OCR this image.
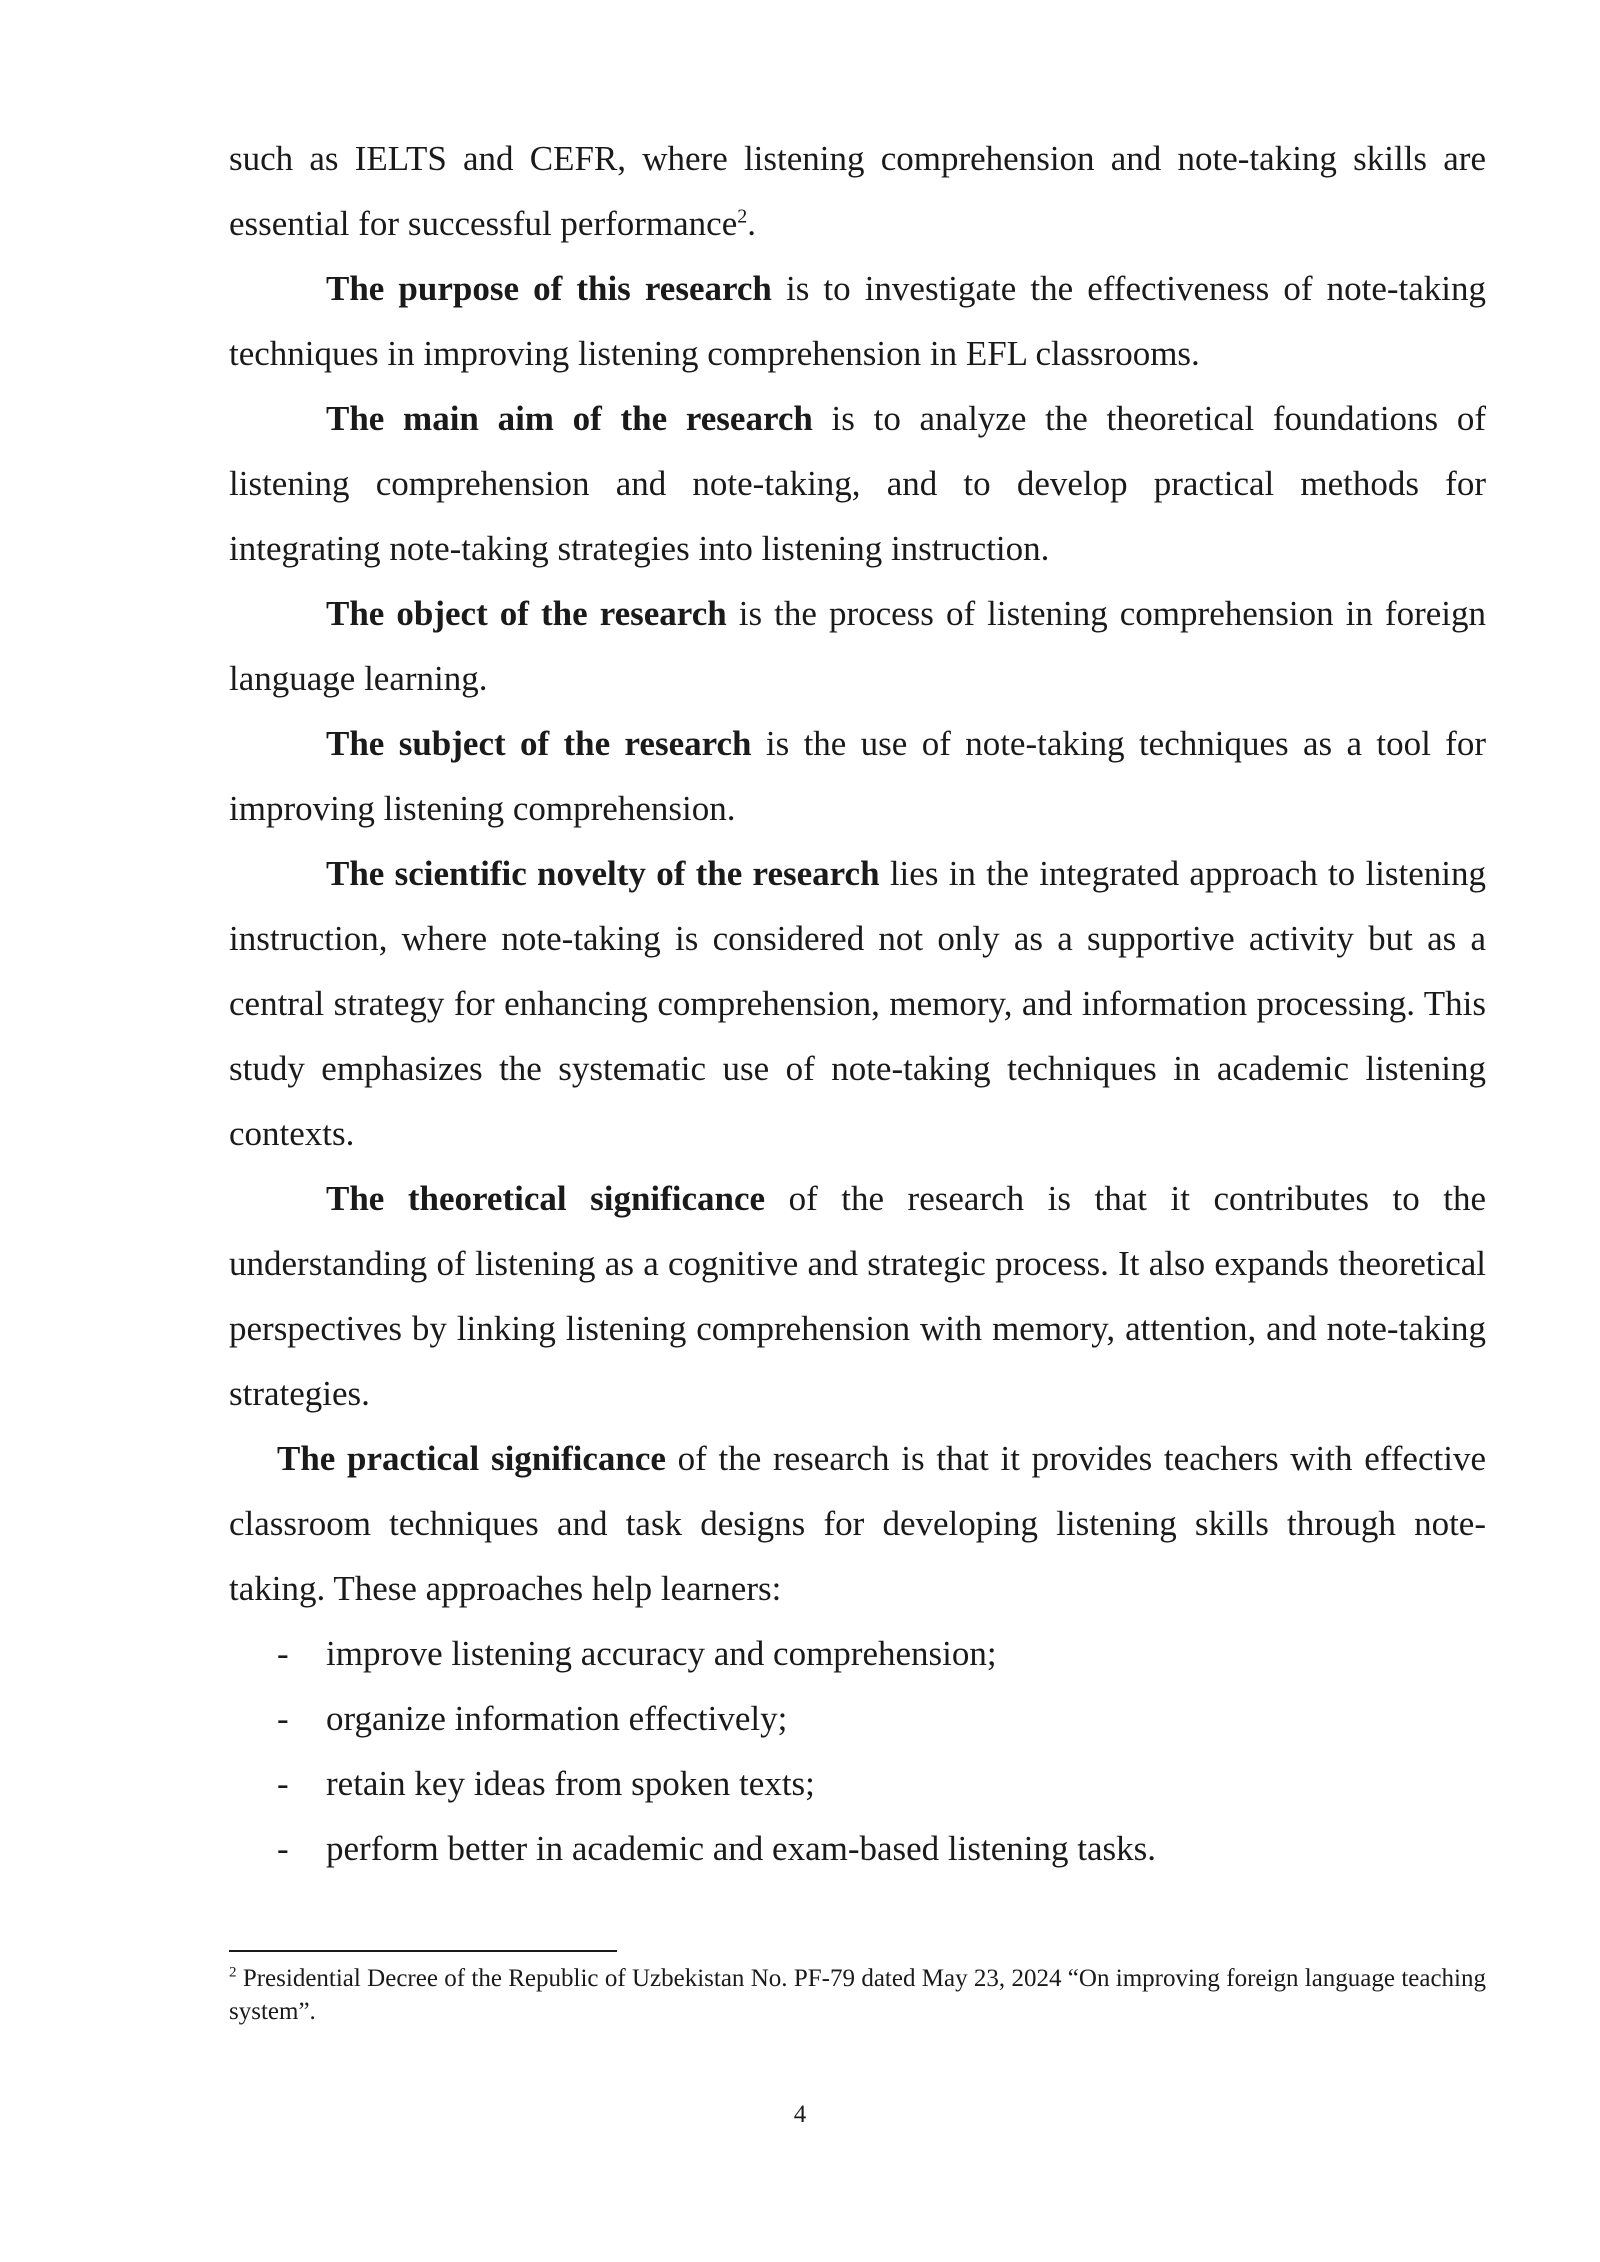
such as IELTS and CEFR, where listening comprehension and note-taking skills are essential for successful performance$^2$.

The purpose of this research is to investigate the effectiveness of note-taking techniques in improving listening comprehension in EFL classrooms.

The main aim of the research is to analyze the theoretical foundations of listening comprehension and note-taking, and to develop practical methods for integrating note-taking strategies into listening instruction.

The object of the research is the process of listening comprehension in foreign language learning.

The subject of the research is the use of note-taking techniques as a tool for improving listening comprehension.

The scientific novelty of the research lies in the integrated approach to listening instruction, where note-taking is considered not only as a supportive activity but as a central strategy for enhancing comprehension, memory, and information processing. This study emphasizes the systematic use of note-taking techniques in academic listening contexts.

The theoretical significance of the research is that it contributes to the understanding of listening as a cognitive and strategic process. It also expands theoretical perspectives by linking listening comprehension with memory, attention, and note-taking strategies.

The practical significance of the research is that it provides teachers with effective classroom techniques and task designs for developing listening skills through note-taking. These approaches help learners:

- improve listening accuracy and comprehension;
- organize information effectively;
- retain key ideas from spoken texts;
- perform better in academic and exam-based listening tasks.

$^2$ Presidential Decree of the Republic of Uzbekistan No. PF-79 dated May 23, 2024 “On improving foreign language teaching system”.

4
